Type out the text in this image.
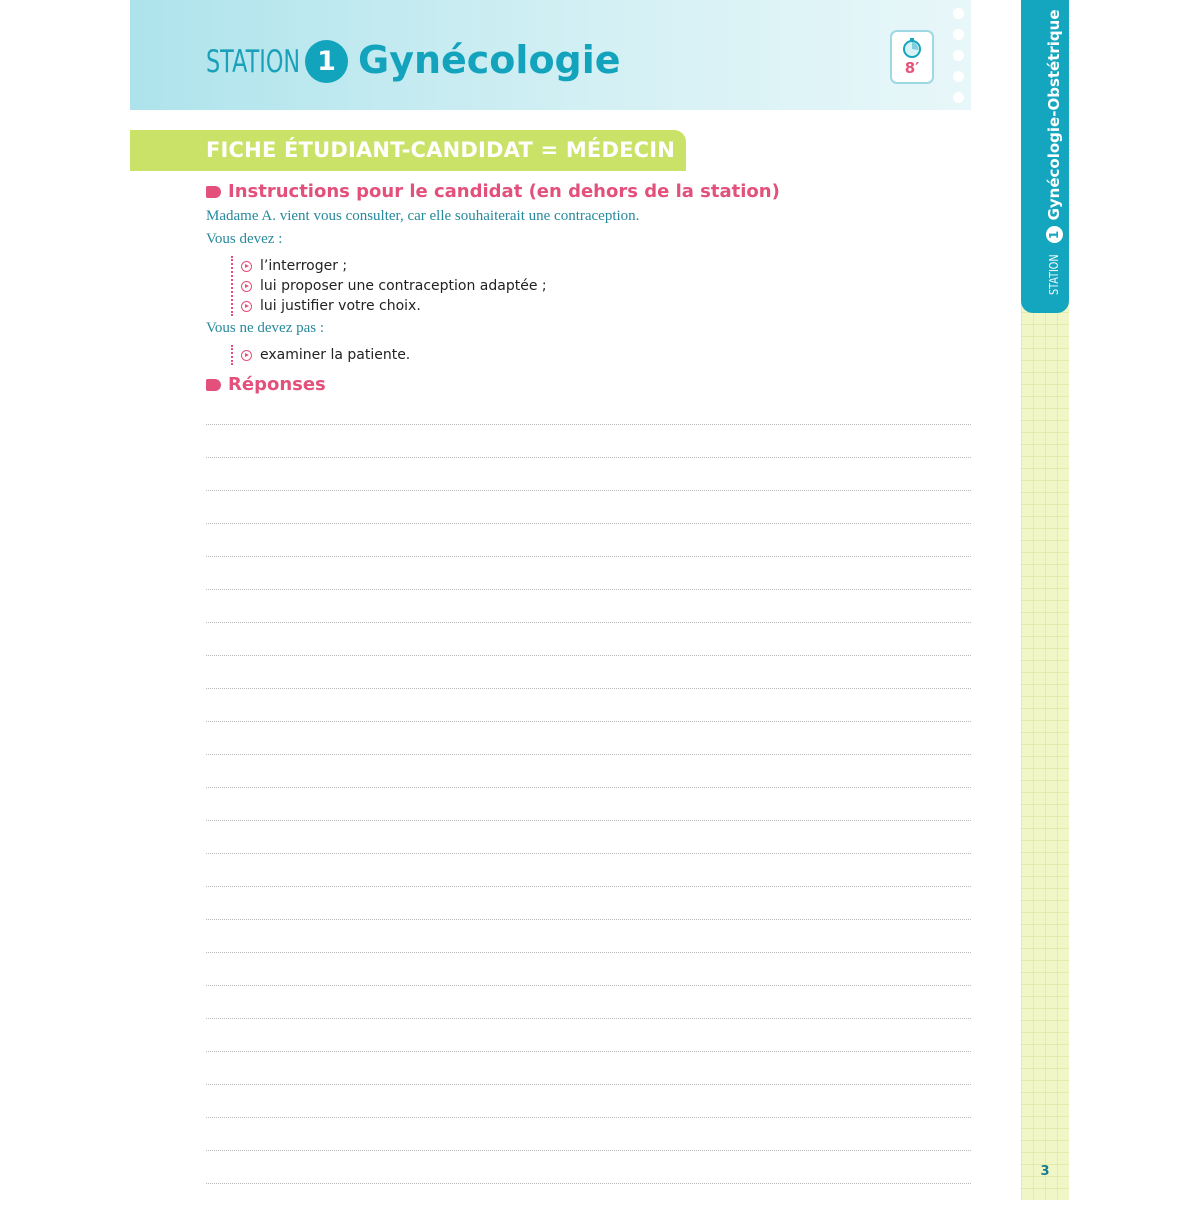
STATION 1 Gynécologie	8′
FICHE ÉTUDIANT-CANDIDAT = MÉDECIN
Instructions pour le candidat (en dehors de la station)
Madame A. vient vous consulter, car elle souhaiterait une contraception.
Vous devez :
l’interroger ;
lui proposer une contraception adaptée ;
lui justifier votre choix.
Vous ne devez pas :
examiner la patiente.
Réponses
STATION
1
Gynécologie-Obstétrique
3
